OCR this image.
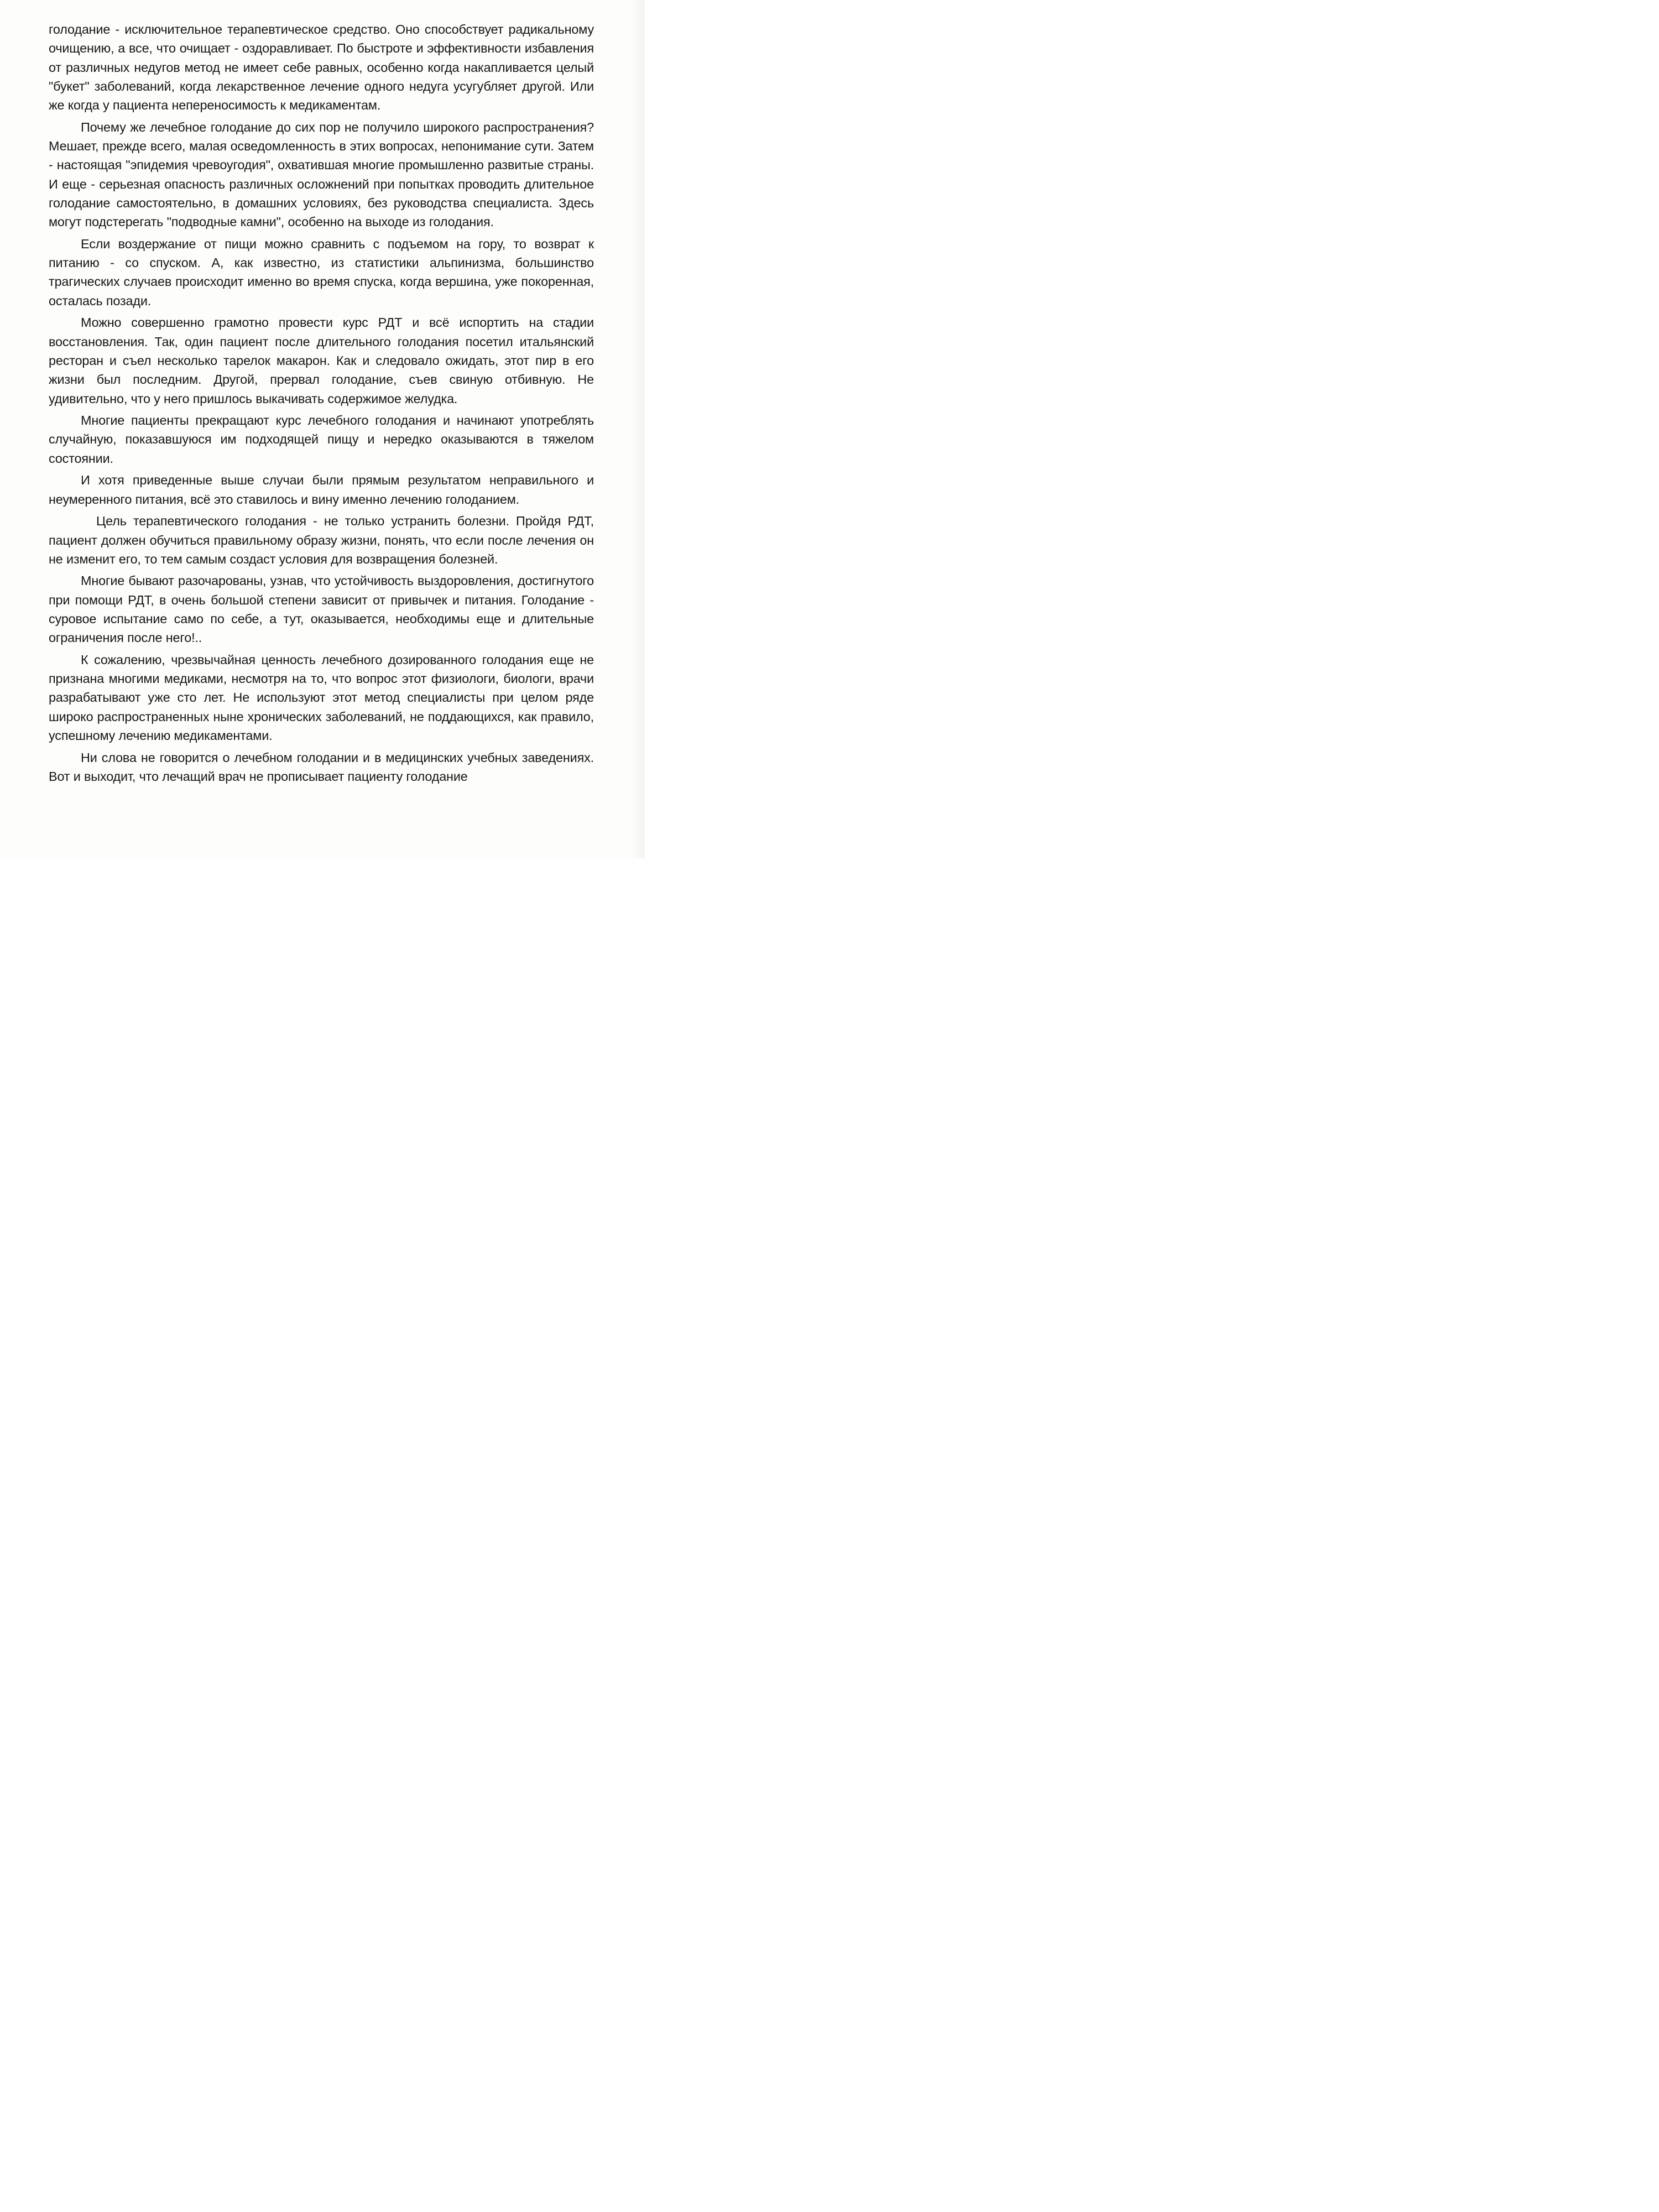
голодание - исключительное терапевтическое средство. Оно способствует радикальному очищению, а все, что очищает - оздоравливает. По быстроте и эффективности избавления от различных недугов метод не имеет себе равных, особенно когда накапливается целый "букет" заболеваний, когда лекарственное лечение одного недуга усугубляет другой. Или же когда у пациента непереносимость к медикаментам.

Почему же лечебное голодание до сих пор не получило широкого распространения? Мешает, прежде всего, малая осведомленность в этих вопросах, непонимание сути. Затем - настоящая "эпидемия чревоугодия", охватившая многие промышленно развитые страны. И еще - серьезная опасность различных осложнений при попытках проводить длительное голодание самостоятельно, в домашних условиях, без руководства специалиста. Здесь могут подстерегать "подводные камни", особенно на выходе из голодания.

Если воздержание от пищи можно сравнить с подъемом на гору, то возврат к питанию - со спуском. А, как известно, из статистики альпинизма, большинство трагических случаев происходит именно во время спуска, когда вершина, уже покоренная, осталась позади.

Можно совершенно грамотно провести курс РДТ и всё испортить на стадии восстановления. Так, один пациент после длительного голодания посетил итальянский ресторан и съел несколько тарелок макарон. Как и следовало ожидать, этот пир в его жизни был последним. Другой, прервал голодание, съев свиную отбивную. Не удивительно, что у него пришлось выкачивать содержимое желудка.

Многие пациенты прекращают курс лечебного голодания и начинают употреблять случайную, показавшуюся им подходящей пищу и нередко оказываются в тяжелом состоянии.

И хотя приведенные выше случаи были прямым результатом неправильного и неумеренного питания, всё это ставилось и вину именно лечению голоданием.

Цель терапевтического голодания - не только устранить болезни. Пройдя РДТ, пациент должен обучиться правильному образу жизни, понять, что если после лечения он не изменит его, то тем самым создаст условия для возвращения болезней.

Многие бывают разочарованы, узнав, что устойчивость выздоровления, достигнутого при помощи РДТ, в очень большой степени зависит от привычек и питания. Голодание - суровое испытание само по себе, а тут, оказывается, необходимы еще и длительные ограничения после него!..

К сожалению, чрезвычайная ценность лечебного дозированного голодания еще не признана многими медиками, несмотря на то, что вопрос этот физиологи, биологи, врачи разрабатывают уже сто лет. Не используют этот метод специалисты при целом ряде широко распространенных ныне хронических заболеваний, не поддающихся, как правило, успешному лечению медикаментами.

Ни слова не говорится о лечебном голодании и в медицинских учебных заведениях. Вот и выходит, что лечащий врач не прописывает пациенту голодание
